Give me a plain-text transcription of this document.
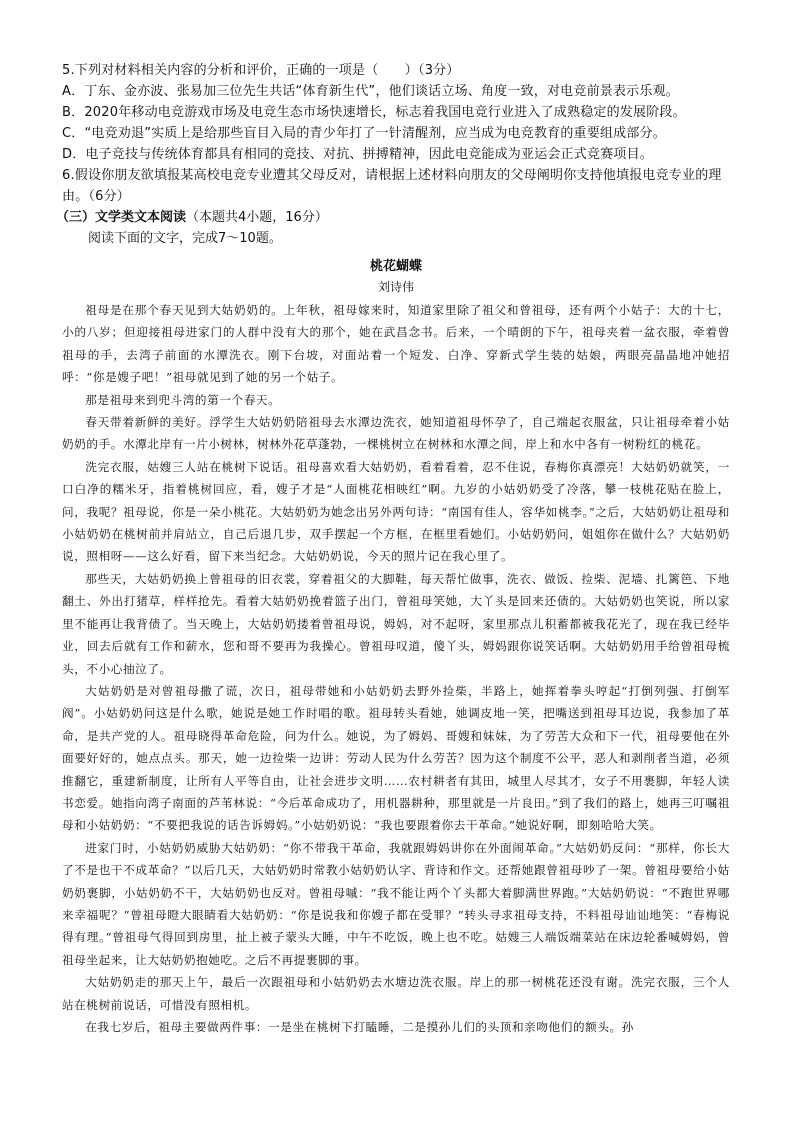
5.下列对材料相关内容的分析和评价，正确的一项是（　　）（3分）

A．丁东、金亦波、张易加三位先生共话“体育新生代”，他们谈话立场、角度一致，对电竞前景表示乐观。

B．2020年移动电竞游戏市场及电竞生态市场快速增长，标志着我国电竞行业进入了成熟稳定的发展阶段。

C．“电竞劝退”实质上是给那些盲目入局的青少年打了一针清醒剂，应当成为电竞教育的重要组成部分。

D．电子竞技与传统体育都具有相同的竞技、对抗、拼搏精神，因此电竞能成为亚运会正式竞赛项目。

6.假设你朋友欲填报某高校电竞专业遭其父母反对，请根据上述材料向朋友的父母阐明你支持他填报电竞专业的理由。（6分）

（三）文学类文本阅读（本题共4小题，16分）

阅读下面的文字，完成7～10题。

桃花蝴蝶
刘诗伟

祖母是在那个春天见到大姑奶奶的。上年秋，祖母嫁来时，知道家里除了祖父和曾祖母，还有两个小姑子：大的十七，小的八岁；但迎接祖母进家门的人群中没有大的那个，她在武昌念书。后来，一个晴朗的下午，祖母夹着一盆衣服，牵着曾祖母的手，去湾子前面的水潭洗衣。刚下台坡，对面站着一个短发、白净、穿新式学生装的姑娘，两眼亮晶晶地冲她招呼：“你是嫂子吧！”祖母就见到了她的另一个姑子。

那是祖母来到兜斗湾的第一个春天。

春天带着新鲜的美好。浮学生大姑奶奶陪祖母去水潭边洗衣，她知道祖母怀孕了，自己端起衣服盆，只让祖母牵着小姑奶奶的手。水潭北岸有一片小树林，树林外花草蓬勃，一棵桃树立在树林和水潭之间，岸上和水中各有一树粉红的桃花。

洗完衣服，姑嫂三人站在桃树下说话。祖母喜欢看大姑奶奶，看着看着，忍不住说，春梅你真漂亮！大姑奶奶就笑，一口白净的糯米牙，指着桃树回应，看，嫂子才是“人面桃花相映红”啊。九岁的小姑奶奶受了冷落，攀一枝桃花贴在脸上，问，我呢？祖母说，你是一朵小桃花。大姑奶奶为她念出另外两句诗：“南国有佳人，容华如桃李。”之后，大姑奶奶让祖母和小姑奶奶在桃树前并肩站立，自己后退几步，双手摆起一个方框，在框里看她们。小姑奶奶问，姐姐你在做什么？大姑奶奶说，照相呀——这么好看，留下来当纪念。大姑奶奶说，今天的照片记在我心里了。

那些天，大姑奶奶换上曾祖母的旧衣裳，穿着祖父的大脚鞋，每天帮忙做事，洗衣、做饭、捡柴、泥墙、扎篱笆、下地翻土、外出打猪草，样样抢先。看着大姑奶奶挽着篮子出门，曾祖母笑她，大丫头是回来还债的。大姑奶奶也笑说，所以家里不能再让我背债了。当天晚上，大姑奶奶搂着曾祖母说，姆妈，对不起呀，家里那点儿积蓄都被我花光了，现在我已经毕业，回去后就有工作和薪水，您和哥不要再为我操心。曾祖母叹道，傻丫头，姆妈跟你说笑话啊。大姑奶奶用手给曾祖母梳头，不小心抽泣了。

大姑奶奶是对曾祖母撒了谎，次日，祖母带她和小姑奶奶去野外捡柴，半路上，她挥着拳头哼起“打倒列强、打倒军阀”。小姑奶奶问这是什么歌，她说是她工作时唱的歌。祖母转头看她，她调皮地一笑，把嘴送到祖母耳边说，我参加了革命，是共产党的人。祖母晓得革命危险，问为什么。她说，为了姆妈、哥嫂和妹妹，为了劳苦大众和下一代，祖母要他在外面要好好的，她点点头。那天，她一边捡柴一边讲：劳动人民为什么劳苦？因为这个制度不公平，恶人和剥削者当道，必须推翻它，重建新制度，让所有人平等自由，让社会进步文明……农村耕者有其田，城里人尽其才，女子不用裹脚，年轻人读书恋爱。她指向湾子南面的芦苇林说：“今后革命成功了，用机器耕种，那里就是一片良田。”到了我们的路上，她再三叮嘱祖母和小姑奶奶：“不要把我说的话告诉姆妈。”小姑奶奶说：“我也要跟着你去干革命。”她说好啊，即刻哈哈大笑。

进家门时，小姑奶奶威胁大姑奶奶：“你不带我干革命，我就跟姆妈讲你在外面闹革命。”大姑奶奶反问：“那样，你长大了不是也干不成革命？”以后几天，大姑奶奶时常教小姑奶奶认字、背诗和作文。还帮她跟曾祖母吵了一架。曾祖母要给小姑奶奶裹脚，小姑奶奶不干，大姑奶奶也反对。曾祖母嘁：“我不能让两个丫头都大着脚满世界跑。”大姑奶奶说：“不跑世界哪来幸福呢？”曾祖母瞪大眼睛看大姑奶奶：“你是说我和你嫂子都在受罪？”转头寻求祖母支持，不料祖母讪讪地笑：“春梅说得有理。”曾祖母气得回到房里，扯上被子蒙头大睡，中午不吃饭，晚上也不吃。姑嫂三人端饭端菜站在床边轮番喊姆妈，曾祖母坐起来，让大姑奶奶抱她吃。之后不再提裹脚的事。

大姑奶奶走的那天上午，最后一次跟祖母和小姑奶奶去水塘边洗衣服。岸上的那一树桃花还没有谢。洗完衣服，三个人站在桃树前说话，可惜没有照相机。

在我七岁后，祖母主要做两件事：一是坐在桃树下打瞌睡，二是摸孙儿们的头顶和亲吻他们的额头。孙
